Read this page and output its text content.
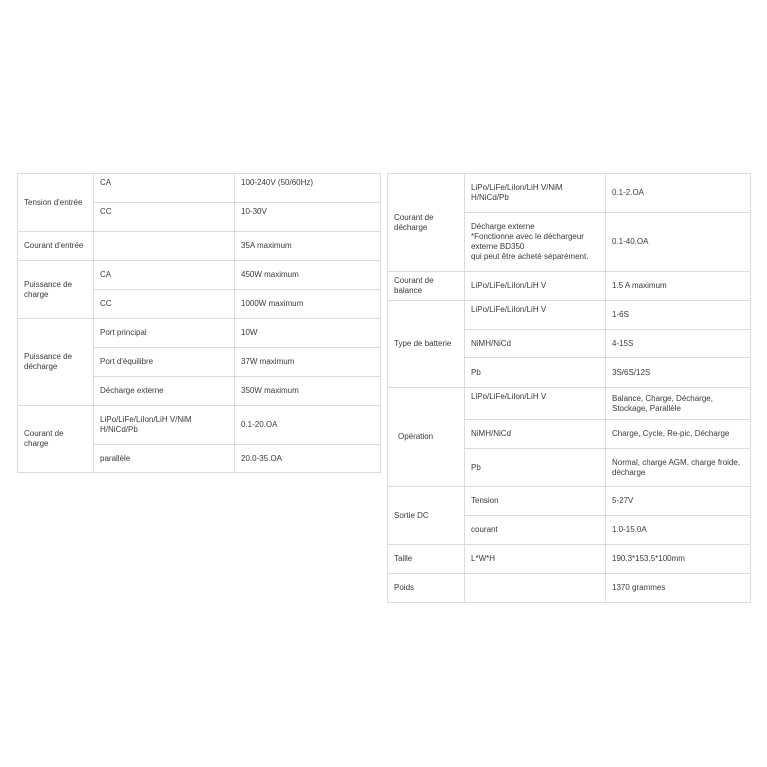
Tension d'entrée	CA	100-240V (50/60Hz)
	CC	10-30V
Courant d'entrée		35A maximum
Puissance de charge	CA	450W maximum
	CC	1000W maximum
Puissance de décharge	Port principal	10W
	Port d'équilibre	37W maximum
	Décharge externe	350W maximum
Courant de charge	LiPo/LiFe/LiIon/LiH V/NiM H/NiCd/Pb	0.1-20.OA
	parallèle	20.0-35.OA
Courant de décharge	LiPo/LiFe/LiIon/LiH V/NiM H/NiCd/Pb	0.1-2.OA
	Décharge externe
*Fonctionne avec le déchargeur externe BD350
qui peut être acheté séparément.	0.1-40.OA
Courant de balance	LiPo/LiFe/LiIon/LiH V	1.5 A maximum
Type de batterie	LiPo/LiFe/LiIon/LiH V	1-6S
	NiMH/NiCd	4-15S
	Pb	3S/6S/12S
Opération	LiPo/LiFe/LiIon/LiH V	Balance, Charge, Décharge, Stockage, Parallèle
	NiMH/NiCd	Charge, Cycle, Re-pic, Décharge
	Pb	Normal, charge AGM, charge froide, décharge
Sortie DC	Tension	5-27V
	courant	1.0-15.0A
Taille	L*W*H	190.3*153.5*100mm
Poids		1370 grammes
